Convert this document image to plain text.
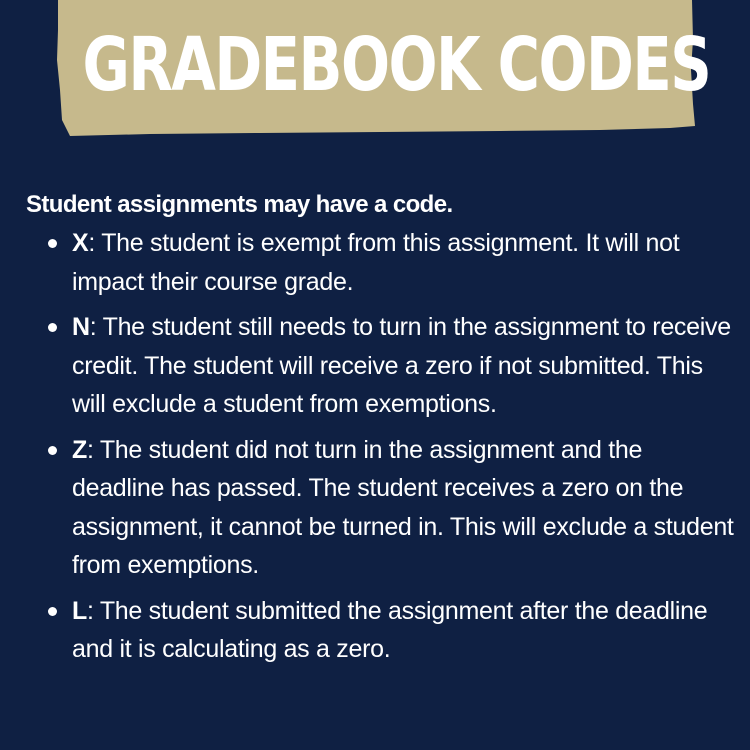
GRADEBOOK CODES
Student assignments may have a code.
X: The student is exempt from this assignment. It will not impact their course grade.
N: The student still needs to turn in the assignment to receive credit. The student will receive a zero if not submitted. This will exclude a student from exemptions.
Z: The student did not turn in the assignment and the deadline has passed. The student receives a zero on the assignment, it cannot be turned in. This will exclude a student from exemptions.
L: The student submitted the assignment after the deadline and it is calculating as a zero.
